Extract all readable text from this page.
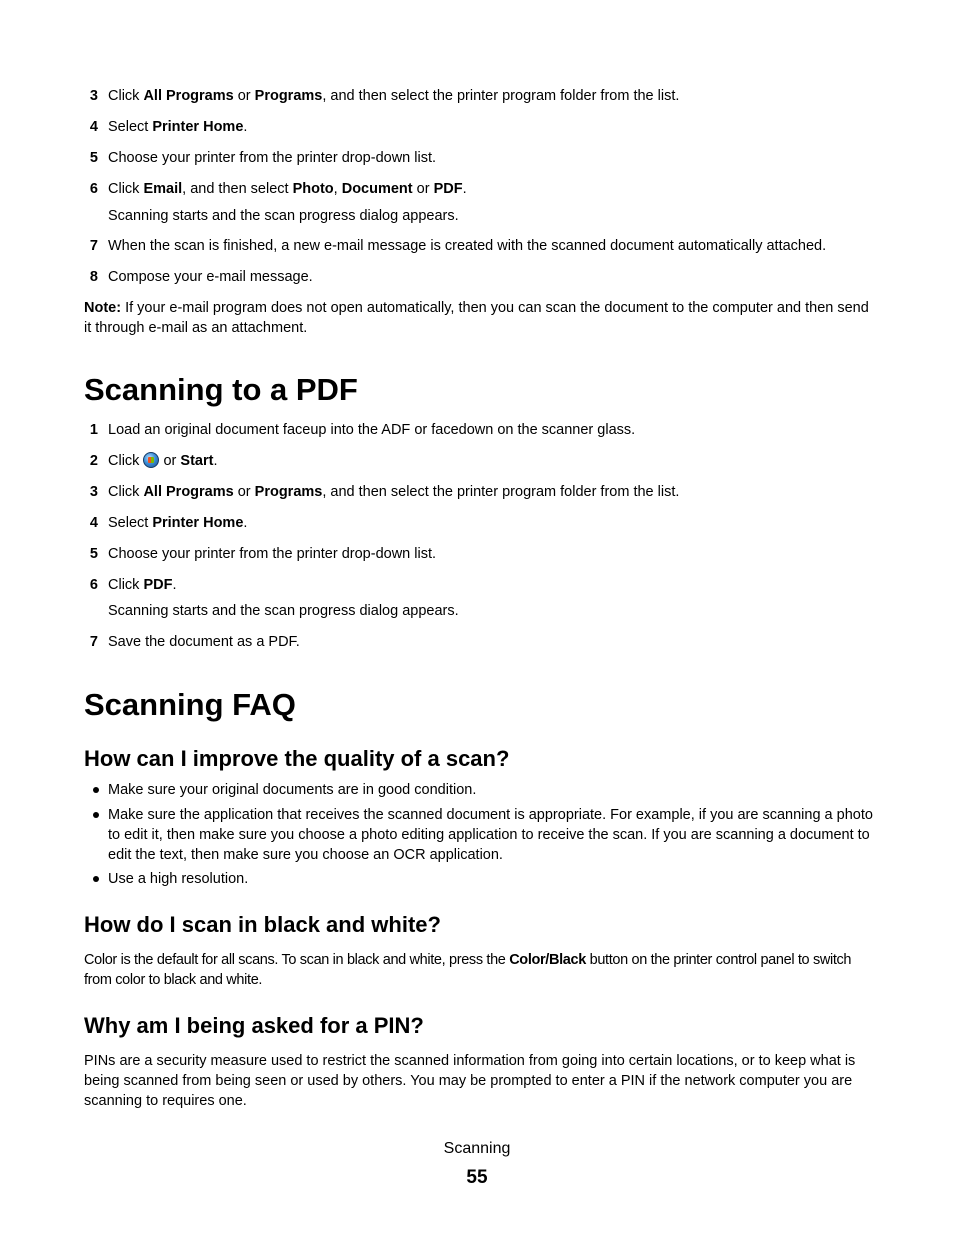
3 Click All Programs or Programs, and then select the printer program folder from the list.
4 Select Printer Home.
5 Choose your printer from the printer drop-down list.
6 Click Email, and then select Photo, Document or PDF.
Scanning starts and the scan progress dialog appears.
7 When the scan is finished, a new e-mail message is created with the scanned document automatically attached.
8 Compose your e-mail message.
Note: If your e-mail program does not open automatically, then you can scan the document to the computer and then send it through e-mail as an attachment.
Scanning to a PDF
1 Load an original document faceup into the ADF or facedown on the scanner glass.
2 Click  or Start.
3 Click All Programs or Programs, and then select the printer program folder from the list.
4 Select Printer Home.
5 Choose your printer from the printer drop-down list.
6 Click PDF.
Scanning starts and the scan progress dialog appears.
7 Save the document as a PDF.
Scanning FAQ
How can I improve the quality of a scan?
Make sure your original documents are in good condition.
Make sure the application that receives the scanned document is appropriate. For example, if you are scanning a photo to edit it, then make sure you choose a photo editing application to receive the scan. If you are scanning a document to edit the text, then make sure you choose an OCR application.
Use a high resolution.
How do I scan in black and white?
Color is the default for all scans. To scan in black and white, press the Color/Black button on the printer control panel to switch from color to black and white.
Why am I being asked for a PIN?
PINs are a security measure used to restrict the scanned information from going into certain locations, or to keep what is being scanned from being seen or used by others. You may be prompted to enter a PIN if the network computer you are scanning to requires one.
Scanning
55
